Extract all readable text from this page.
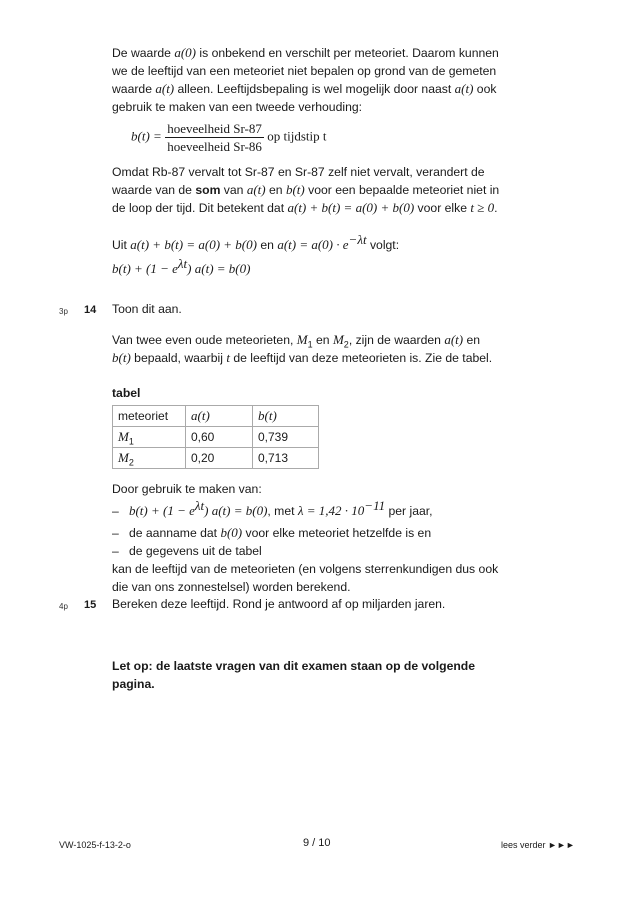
De waarde a(0) is onbekend en verschilt per meteoriet. Daarom kunnen
we de leeftijd van een meteoriet niet bepalen op grond van de gemeten
waarde a(t) alleen. Leeftijdsbepaling is wel mogelijk door naast a(t) ook
gebruik te maken van een tweede verhouding:
$b(t) = \frac{\text{hoeveelheid Sr-87}}{\text{hoeveelheid Sr-86}}$ op tijdstip t
Omdat Rb-87 vervalt tot Sr-87 en Sr-87 zelf niet vervalt, verandert de
waarde van de som van a(t) en b(t) voor een bepaalde meteoriet niet in
de loop der tijd. Dit betekent dat a(t) + b(t) = a(0) + b(0) voor elke t ≥ 0.
Uit a(t) + b(t) = a(0) + b(0) en $a(t) = a(0) \cdot e^{-\lambda t}$ volgt:
$b(t) + (1 - e^{\lambda t})$ a(t) = b(0)
3p 14 Toon dit aan.
Van twee even oude meteorieten, $M_1$ en $M_2$, zijn de waarden a(t) en
b(t) bepaald, waarbij t de leeftijd van deze meteorieten is. Zie de tabel.
tabel
meteoriet	a(t)	b(t)
$M_1$	0,60	0,739
$M_2$	0,20	0,713
Door gebruik te maken van:
– $b(t) + (1 - e^{\lambda t})$ a(t) = b(0), met $\lambda = 1,42 \cdot 10^{-11}$ per jaar,
– de aanname dat b(0) voor elke meteoriet hetzelfde is en
– de gegevens uit de tabel
kan de leeftijd van de meteorieten (en volgens sterrenkundigen dus ook
die van ons zonnestelsel) worden berekend.
4p 15 Bereken deze leeftijd. Rond je antwoord af op miljarden jaren.
Let op: de laatste vragen van dit examen staan op de volgende
pagina.
VW-1025-f-13-2-o	9 / 10	lees verder ►►►
